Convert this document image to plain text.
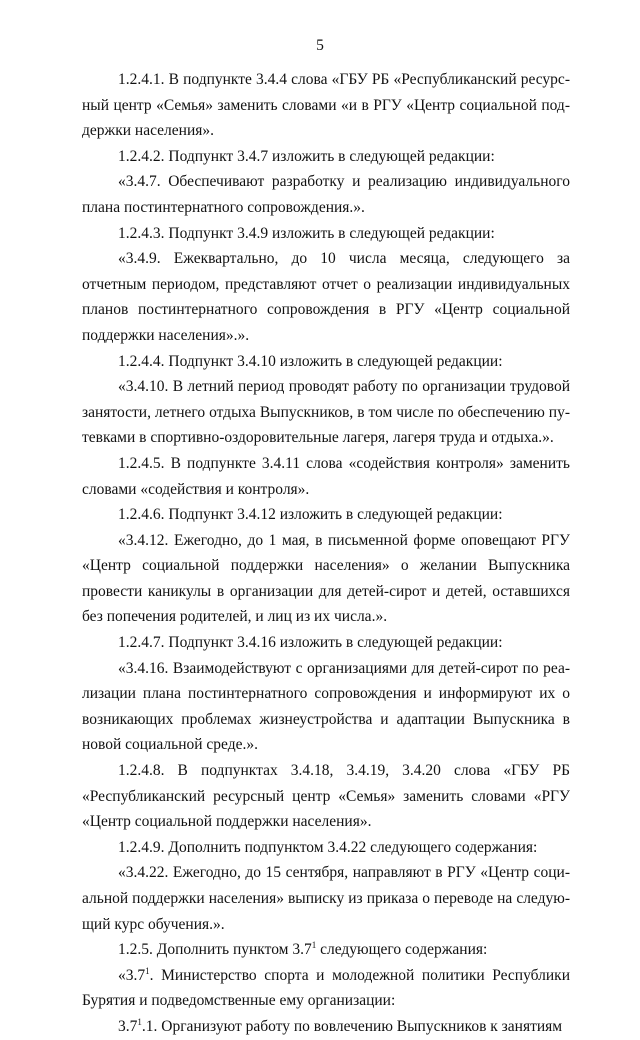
5

1.2.4.1. В подпункте 3.4.4 слова «ГБУ РБ «Республиканский ресурсный центр «Семья» заменить словами «и в РГУ «Центр социальной поддержки населения».

1.2.4.2. Подпункт 3.4.7 изложить в следующей редакции:

«3.4.7. Обеспечивают разработку и реализацию индивидуального плана постинтернатного сопровождения.».

1.2.4.3. Подпункт 3.4.9 изложить в следующей редакции:

«3.4.9. Ежеквартально, до 10 числа месяца, следующего за отчетным периодом, представляют отчет о реализации индивидуальных планов постинтернатного сопровождения в РГУ «Центр социальной поддержки населения».».

1.2.4.4. Подпункт 3.4.10 изложить в следующей редакции:

«3.4.10. В летний период проводят работу по организации трудовой занятости, летнего отдыха Выпускников, в том числе по обеспечению путевками в спортивно-оздоровительные лагеря, лагеря труда и отдыха.».

1.2.4.5. В подпункте 3.4.11 слова «содействия контроля» заменить словами «содействия и контроля».

1.2.4.6. Подпункт 3.4.12 изложить в следующей редакции:

«3.4.12. Ежегодно, до 1 мая, в письменной форме оповещают РГУ «Центр социальной поддержки населения» о желании Выпускника провести каникулы в организации для детей-сирот и детей, оставшихся без попечения родителей, и лиц из их числа.».

1.2.4.7. Подпункт 3.4.16 изложить в следующей редакции:

«3.4.16. Взаимодействуют с организациями для детей-сирот по реализации плана постинтернатного сопровождения и информируют их о возникающих проблемах жизнеустройства и адаптации Выпускника в новой социальной среде.».

1.2.4.8. В подпунктах 3.4.18, 3.4.19, 3.4.20 слова «ГБУ РБ «Республиканский ресурсный центр «Семья» заменить словами «РГУ «Центр социальной поддержки населения».

1.2.4.9. Дополнить подпунктом 3.4.22 следующего содержания:

«3.4.22. Ежегодно, до 15 сентября, направляют в РГУ «Центр социальной поддержки населения» выписку из приказа о переводе на следующий курс обучения.».

1.2.5. Дополнить пунктом $3.7^1$ следующего содержания:

«$3.7^1$. Министерство спорта и молодежной политики Республики Бурятия и подведомственные ему организации:

$3.7^1.1$. Организуют работу по вовлечению Выпускников к занятиям
